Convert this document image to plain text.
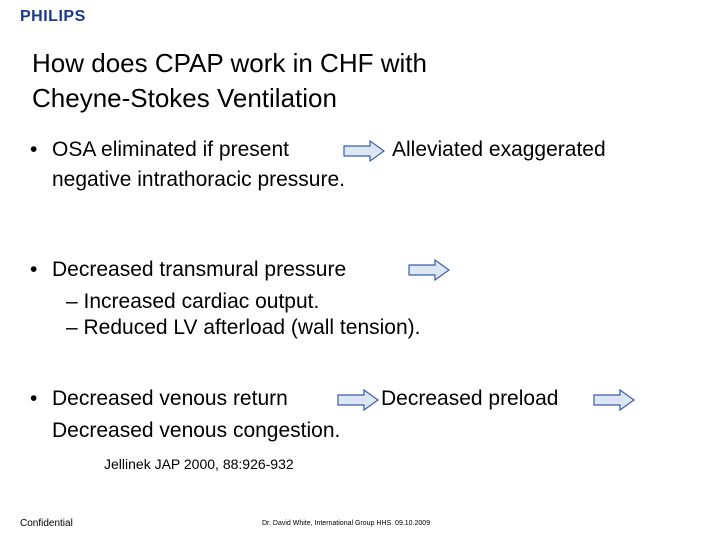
PHILIPS
How does CPAP work in CHF with
Cheyne-Stokes Ventilation
• OSA eliminated if present	Alleviated exaggerated
negative intrathoracic pressure.
• Decreased transmural pressure
– Increased cardiac output.
– Reduced LV afterload (wall tension).
• Decreased venous return	Decreased preload
Decreased venous congestion.
Jellinek JAP 2000, 88:926-932
Confidential	Dr. David White, International Group HHS. 09.10.2009
